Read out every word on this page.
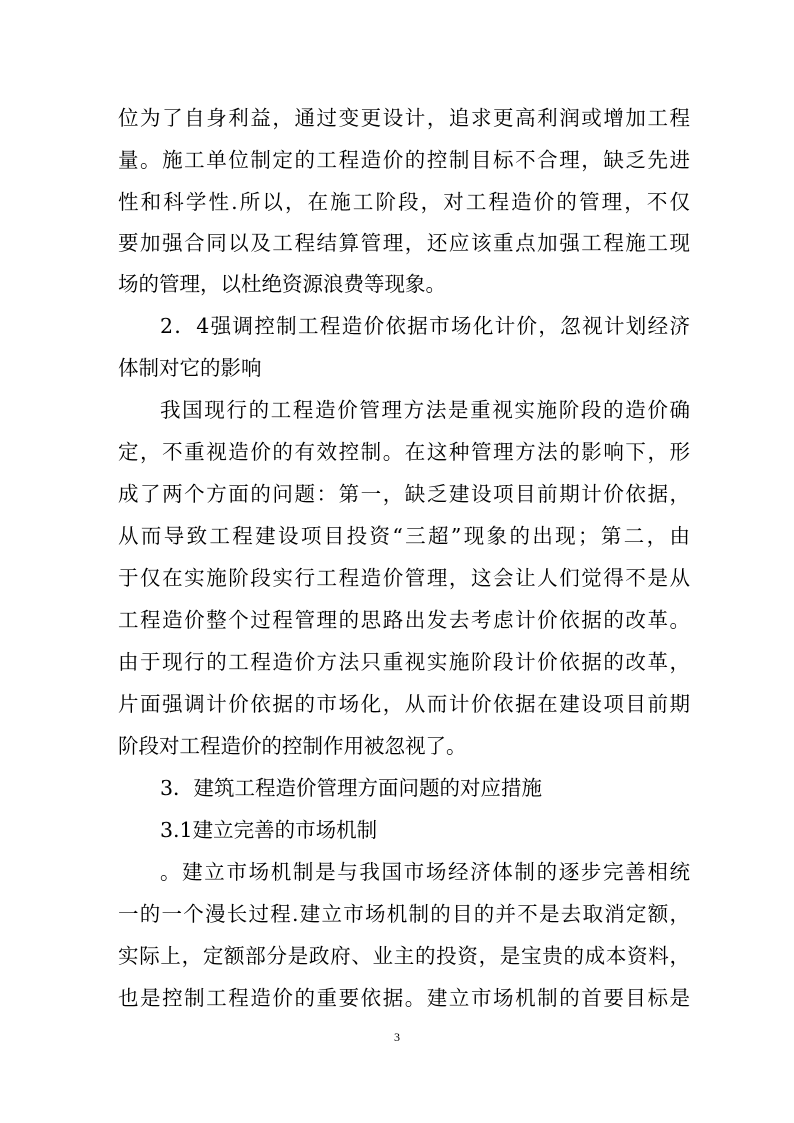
位为了自身利益，通过变更设计，追求更高利润或增加工程
量。施工单位制定的工程造价的控制目标不合理，缺乏先进
性和科学性.所以，在施工阶段，对工程造价的管理，不仅
要加强合同以及工程结算管理，还应该重点加强工程施工现
场的管理，以杜绝资源浪费等现象。
2．4强调控制工程造价依据市场化计价，忽视计划经济
体制对它的影响
我国现行的工程造价管理方法是重视实施阶段的造价确
定，不重视造价的有效控制。在这种管理方法的影响下，形
成了两个方面的问题：第一，缺乏建设项目前期计价依据，
从而导致工程建设项目投资“三超”现象的出现；第二，由
于仅在实施阶段实行工程造价管理，这会让人们觉得不是从
工程造价整个过程管理的思路出发去考虑计价依据的改革。
由于现行的工程造价方法只重视实施阶段计价依据的改革，
片面强调计价依据的市场化，从而计价依据在建设项目前期
阶段对工程造价的控制作用被忽视了。
3．建筑工程造价管理方面问题的对应措施
3.1建立完善的市场机制
。建立市场机制是与我国市场经济体制的逐步完善相统
一的一个漫长过程.建立市场机制的目的并不是去取消定额，
实际上，定额部分是政府、业主的投资，是宝贵的成本资料，
也是控制工程造价的重要依据。建立市场机制的首要目标是
3
